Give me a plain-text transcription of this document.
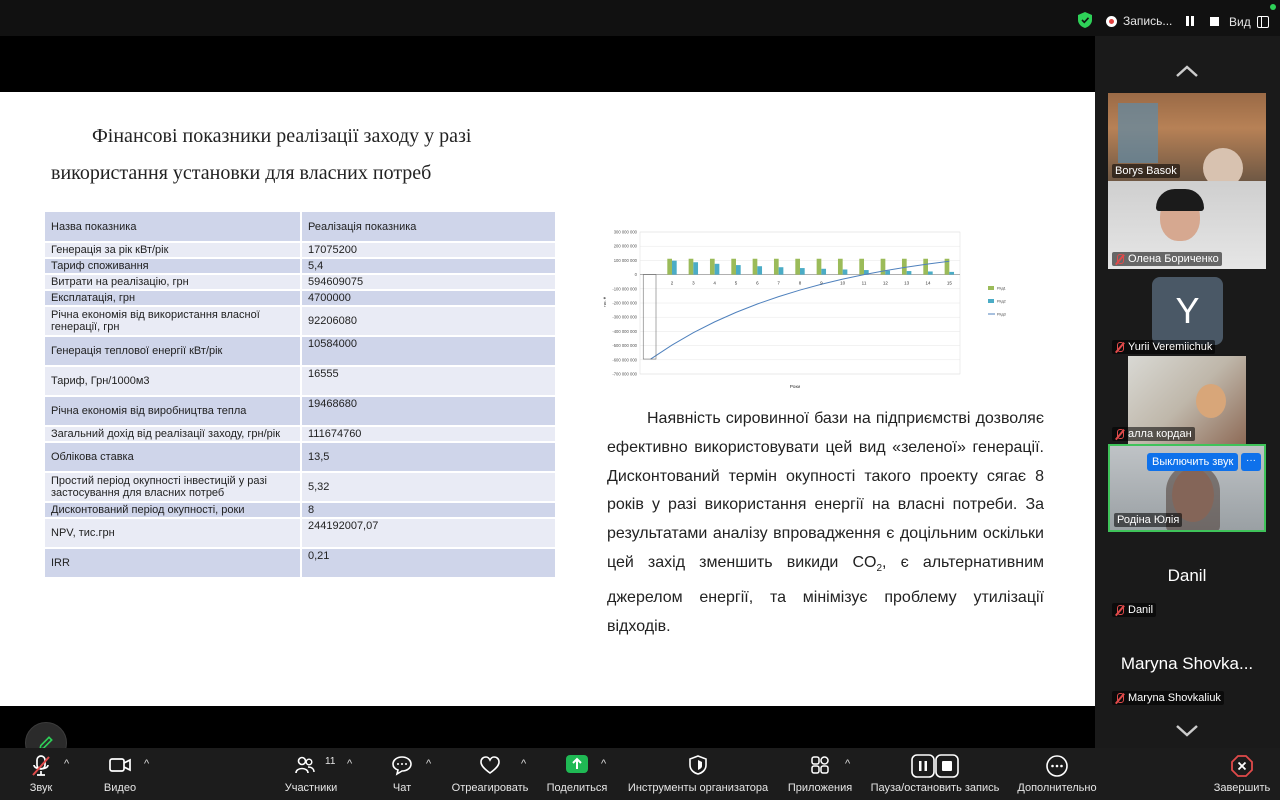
Запись...	Вид
Фінансові показники реалізації заходу у разі
використання установки для власних потреб
Назва показника	Реалізація показника
Генерація за рік кВт/рік	17075200
Тариф споживання	5,4
Витрати на реалізацію, грн	594609075
Експлатація, грн	4700000
Річна економія від використання власної генерації, грн	92206080
Генерація теплової енергії кВт/рік	10584000
Тариф, Грн/1000м3	16555
Річна економія від виробництва тепла	19468680
Загальний дохід від реалізації заходу, грн/рік	111674760
Облікова ставка	13,5
Простий період окупності інвестицій у разі застосування для власних потреб	5,32
Дисконтований період окупності, роки	8
NPV, тис.грн	244192007,07
IRR	0,21
300 000 000
200 000 000
100 000 000
0
-100 000 000
-200 000 000
-300 000 000
-400 000 000
-500 000 000
-600 000 000
-700 000 000
2	3	4	5	6	7	8	9	10	11	12	13	14	15
Роки
тис. ₴
Ряд1
Ряд2
Ряд3
Наявність сировинної бази на підприємстві дозволяє ефективно використовувати цей вид «зеленої» генерації. Дисконтований термін окупності такого проекту сягає 8 років у разі використання енергії на власні потреби. За результатами аналізу впровадження є доцільним оскільки цей захід зменшить викиди $CO_2$, є альтернативним джерелом енергії, та мінімізує проблему утилізації відходів.
Borys Basok
Олена Бориченко
Y
Yurii Veremiichuk
алла кордан
Выключить звук	···
Родіна Юлія
Danil
Danil
Maryna Shovka...
Maryna Shovkaliuk
Звук
^
Видео
^	11
Участники
^
Чат
^
Отреагировать
^
Поделиться
^
Инструменты организатора Приложения
^
Пауза/остановить запись Дополнительно	Завершить
